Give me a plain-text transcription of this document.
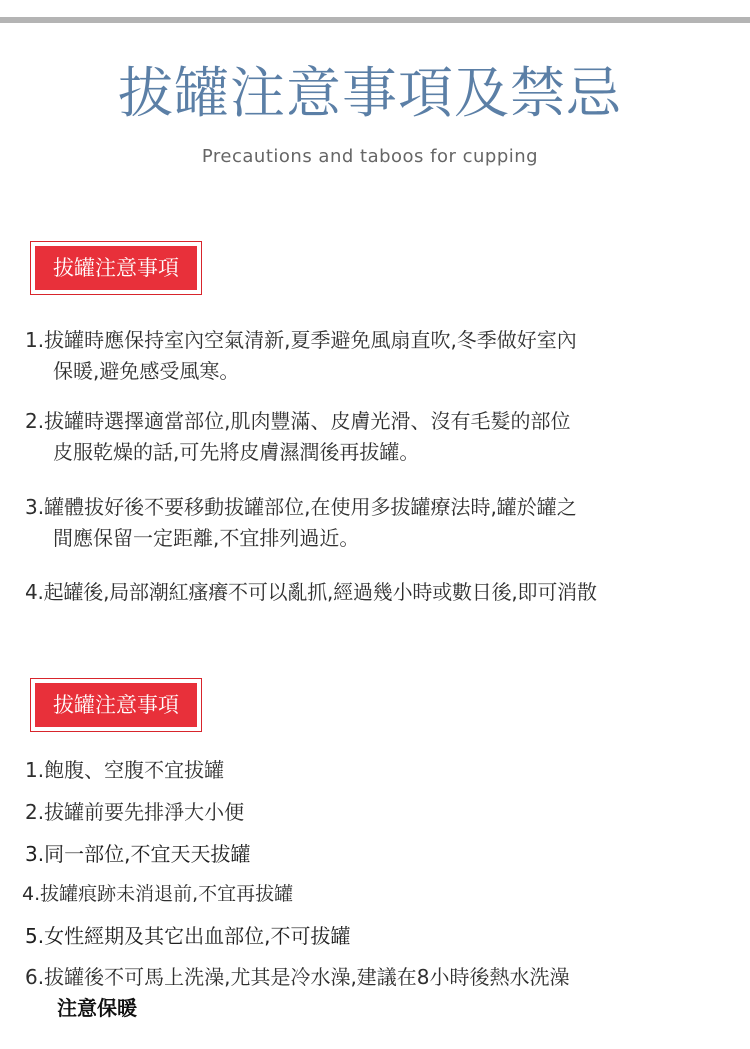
拔罐注意事項及禁忌
Precautions and taboos for cupping
拔罐注意事項
1.拔罐時應保持室內空氣清新,夏季避免風扇直吹,冬季做好室內
保暖,避免感受風寒。
2.拔罐時選擇適當部位,肌肉豐滿、皮膚光滑、沒有毛髮的部位
皮服乾燥的話,可先將皮膚濕潤後再拔罐。
3.罐體拔好後不要移動拔罐部位,在使用多拔罐療法時,罐於罐之
間應保留一定距離,不宜排列過近。
4.起罐後,局部潮紅瘙癢不可以亂抓,經過幾小時或數日後,即可消散
拔罐注意事項
1.飽腹、空腹不宜拔罐
2.拔罐前要先排淨大小便
3.同一部位,不宜天天拔罐
4.拔罐痕跡未消退前,不宜再拔罐
5.女性經期及其它出血部位,不可拔罐
6.拔罐後不可馬上洗澡,尤其是冷水澡,建議在8小時後熱水洗澡
注意保暖
